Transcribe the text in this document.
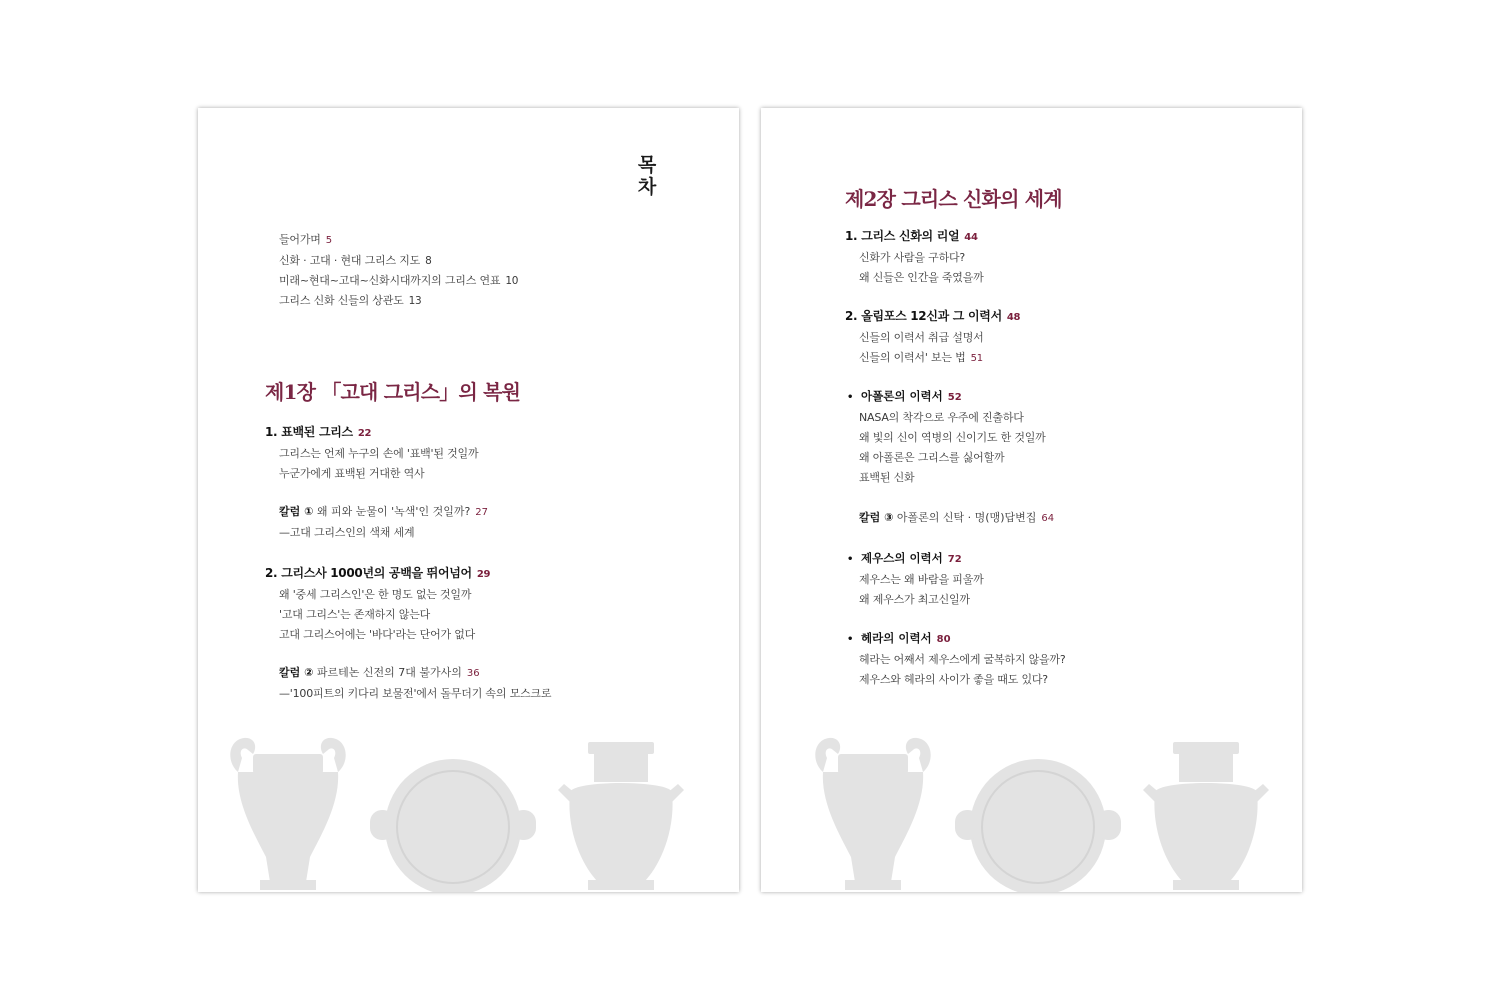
목차
들어가며 5
신화 · 고대 · 현대 그리스 지도 8
미래~현대~고대~신화시대까지의 그리스 연표 10
그리스 신화 신들의 상관도 13
제1장 「고대 그리스」의 복원
1. 표백된 그리스 22
그리스는 언제 누구의 손에 '표백'된 것일까
누군가에게 표백된 거대한 역사
칼럼 ① 왜 피와 눈물이 '녹색'인 것일까? 27
—고대 그리스인의 색채 세계
2. 그리스사 1000년의 공백을 뛰어넘어 29
왜 '중세 그리스인'은 한 명도 없는 것일까
'고대 그리스'는 존재하지 않는다
고대 그리스어에는 '바다'라는 단어가 없다
칼럼 ② 파르테논 신전의 7대 불가사의 36
—'100피트의 키다리 보물전'에서 돌무더기 속의 모스크로
제2장 그리스 신화의 세계
1. 그리스 신화의 리얼 44
신화가 사람을 구하다?
왜 신들은 인간을 죽였을까
2. 올림포스 12신과 그 이력서 48
신들의 이력서 취급 설명서
신들의 이력서' 보는 법 51
• 아폴론의 이력서 52
NASA의 착각으로 우주에 진출하다
왜 빛의 신이 역병의 신이기도 한 것일까
왜 아폴론은 그리스를 싫어할까
표백된 신화
칼럼 ③ 아폴론의 신탁 · 명(맹)답변집 64
• 제우스의 이력서 72
제우스는 왜 바람을 피울까
왜 제우스가 최고신일까
• 헤라의 이력서 80
헤라는 어째서 제우스에게 굴복하지 않을까?
제우스와 헤라의 사이가 좋을 때도 있다?
